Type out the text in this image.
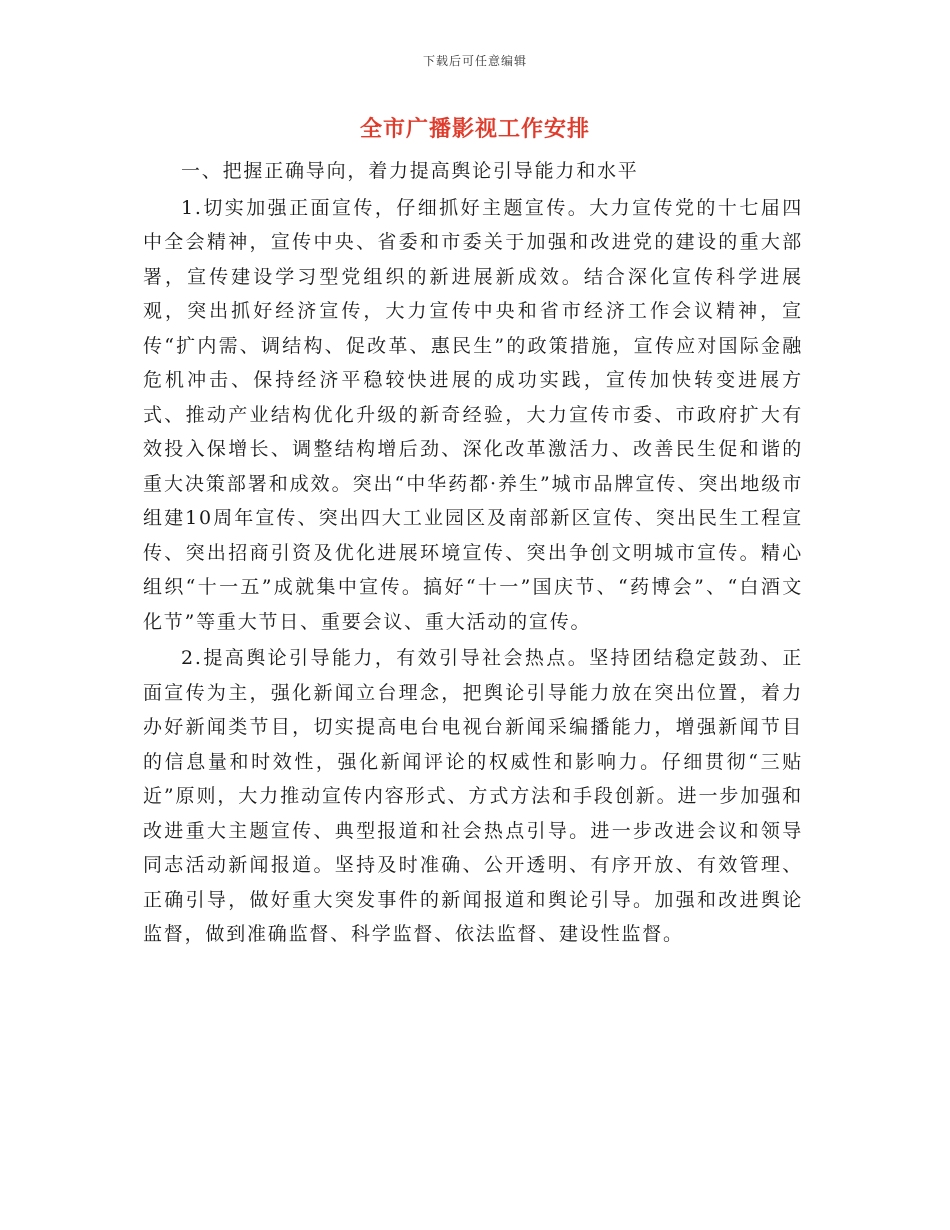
下载后可任意编辑
全市广播影视工作安排

一、把握正确导向，着力提高舆论引导能力和水平

1.切实加强正面宣传，仔细抓好主题宣传。大力宣传党的十七届四中全会精神，宣传中央、省委和市委关于加强和改进党的建设的重大部署，宣传建设学习型党组织的新进展新成效。结合深化宣传科学进展观，突出抓好经济宣传，大力宣传中央和省市经济工作会议精神，宣传“扩内需、调结构、促改革、惠民生”的政策措施，宣传应对国际金融危机冲击、保持经济平稳较快进展的成功实践，宣传加快转变进展方式、推动产业结构优化升级的新奇经验，大力宣传市委、市政府扩大有效投入保增长、调整结构增后劲、深化改革激活力、改善民生促和谐的重大决策部署和成效。突出“中华药都·养生”城市品牌宣传、突出地级市组建10周年宣传、突出四大工业园区及南部新区宣传、突出民生工程宣传、突出招商引资及优化进展环境宣传、突出争创文明城市宣传。精心组织“十一五”成就集中宣传。搞好“十一”国庆节、“药博会”、“白酒文化节”等重大节日、重要会议、重大活动的宣传。

2.提高舆论引导能力，有效引导社会热点。坚持团结稳定鼓劲、正面宣传为主，强化新闻立台理念，把舆论引导能力放在突出位置，着力办好新闻类节目，切实提高电台电视台新闻采编播能力，增强新闻节目的信息量和时效性，强化新闻评论的权威性和影响力。仔细贯彻“三贴近”原则，大力推动宣传内容形式、方式方法和手段创新。进一步加强和改进重大主题宣传、典型报道和社会热点引导。进一步改进会议和领导同志活动新闻报道。坚持及时准确、公开透明、有序开放、有效管理、正确引导，做好重大突发事件的新闻报道和舆论引导。加强和改进舆论监督，做到准确监督、科学监督、依法监督、建设性监督。
